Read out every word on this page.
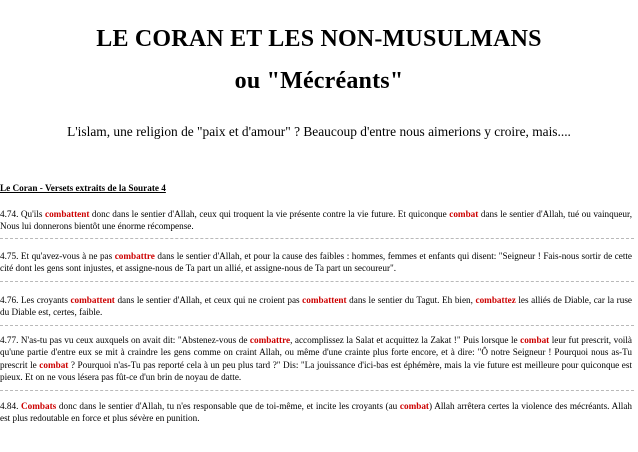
LE CORAN ET LES NON-MUSULMANS
ou "Mécréants"
L'islam, une religion de "paix et d'amour" ? Beaucoup d'entre nous aimerions y croire, mais....
Le Coran - Versets extraits de la Sourate 4
4.74. Qu'ils combattent donc dans le sentier d'Allah, ceux qui troquent la vie présente contre la vie future. Et quiconque combat dans le sentier d'Allah, tué ou vainqueur, Nous lui donnerons bientôt une énorme récompense.
4.75. Et qu'avez-vous à ne pas combattre dans le sentier d'Allah, et pour la cause des faibles : hommes, femmes et enfants qui disent: "Seigneur ! Fais-nous sortir de cette cité dont les gens sont injustes, et assigne-nous de Ta part un allié, et assigne-nous de Ta part un secoureur".
4.76. Les croyants combattent dans le sentier d'Allah, et ceux qui ne croient pas combattent dans le sentier du Tagut. Eh bien, combattez les alliés de Diable, car la ruse du Diable est, certes, faible.
4.77. N'as-tu pas vu ceux auxquels on avait dit: "Abstenez-vous de combattre, accomplissez la Salat et acquittez la Zakat !" Puis lorsque le combat leur fut prescrit, voilà qu'une partie d'entre eux se mit à craindre les gens comme on craint Allah, ou même d'une crainte plus forte encore, et à dire: "Ô notre Seigneur ! Pourquoi nous as-Tu prescrit le combat ? Pourquoi n'as-Tu pas reporté cela à un peu plus tard ?" Dis: "La jouissance d'ici-bas est éphémère, mais la vie future est meilleure pour quiconque est pieux. Et on ne vous lésera pas fût-ce d'un brin de noyau de datte.
4.84. Combats donc dans le sentier d'Allah, tu n'es responsable que de toi-même, et incite les croyants (au combat) Allah arrêtera certes la violence des mécréants. Allah est plus redoutable en force et plus sévère en punition.
